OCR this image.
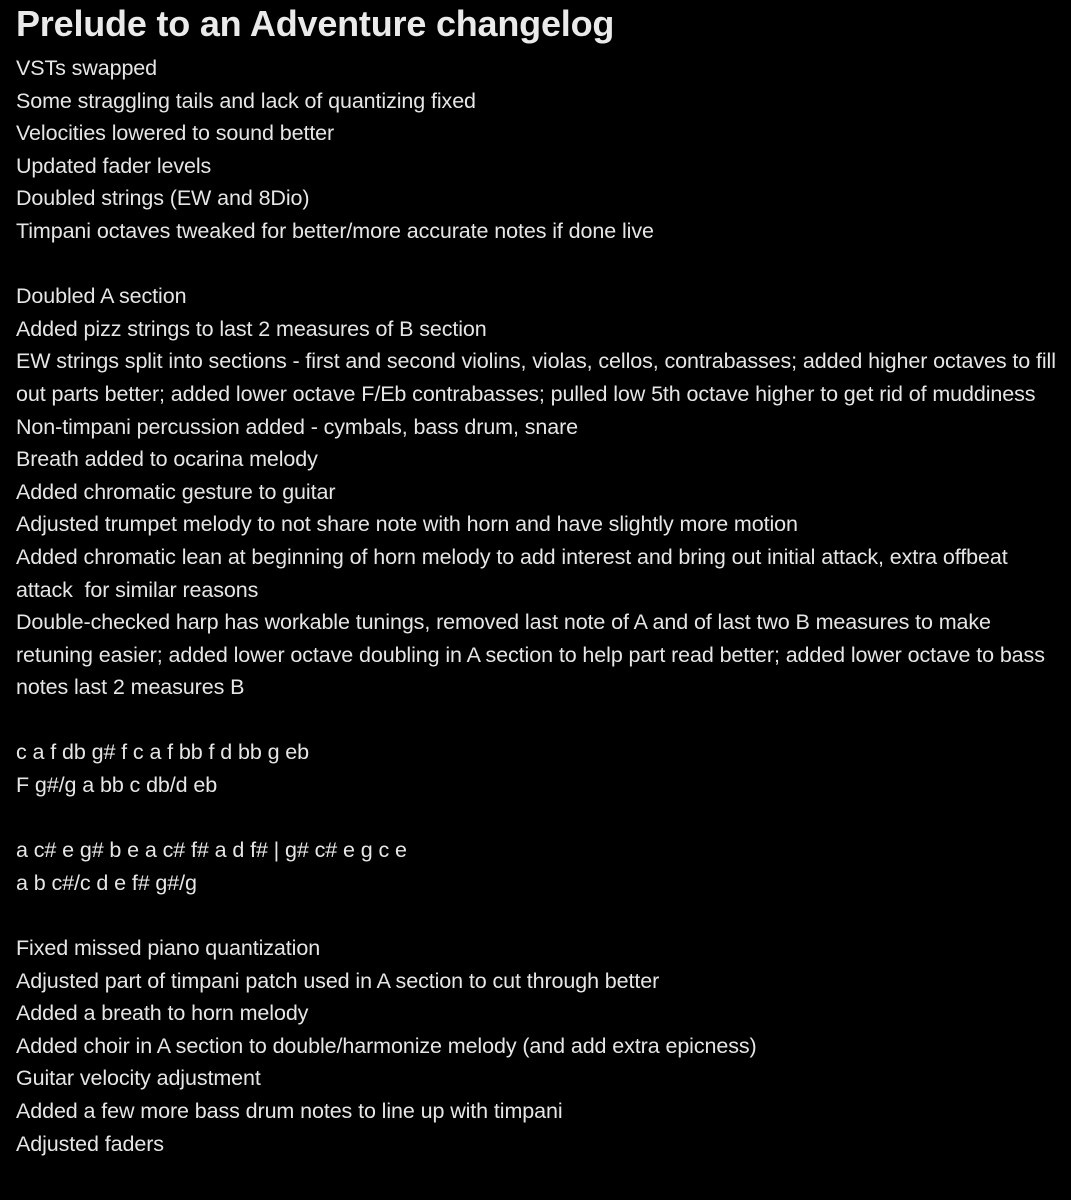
Prelude to an Adventure changelog
VSTs swapped
Some straggling tails and lack of quantizing fixed
Velocities lowered to sound better
Updated fader levels
Doubled strings (EW and 8Dio)
Timpani octaves tweaked for better/more accurate notes if done live
Doubled A section
Added pizz strings to last 2 measures of B section
EW strings split into sections - first and second violins, violas, cellos, contrabasses; added higher octaves to fill out parts better; added lower octave F/Eb contrabasses; pulled low 5th octave higher to get rid of muddiness
Non-timpani percussion added - cymbals, bass drum, snare
Breath added to ocarina melody
Added chromatic gesture to guitar
Adjusted trumpet melody to not share note with horn and have slightly more motion
Added chromatic lean at beginning of horn melody to add interest and bring out initial attack, extra offbeat attack  for similar reasons
Double-checked harp has workable tunings, removed last note of A and of last two B measures to make retuning easier; added lower octave doubling in A section to help part read better; added lower octave to bass notes last 2 measures B
c a f db g# f c a f bb f d bb g eb
F g#/g a bb c db/d eb
a c# e g# b e a c# f# a d f# | g# c# e g c e
a b c#/c d e f# g#/g
Fixed missed piano quantization
Adjusted part of timpani patch used in A section to cut through better
Added a breath to horn melody
Added choir in A section to double/harmonize melody (and add extra epicness)
Guitar velocity adjustment
Added a few more bass drum notes to line up with timpani
Adjusted faders
